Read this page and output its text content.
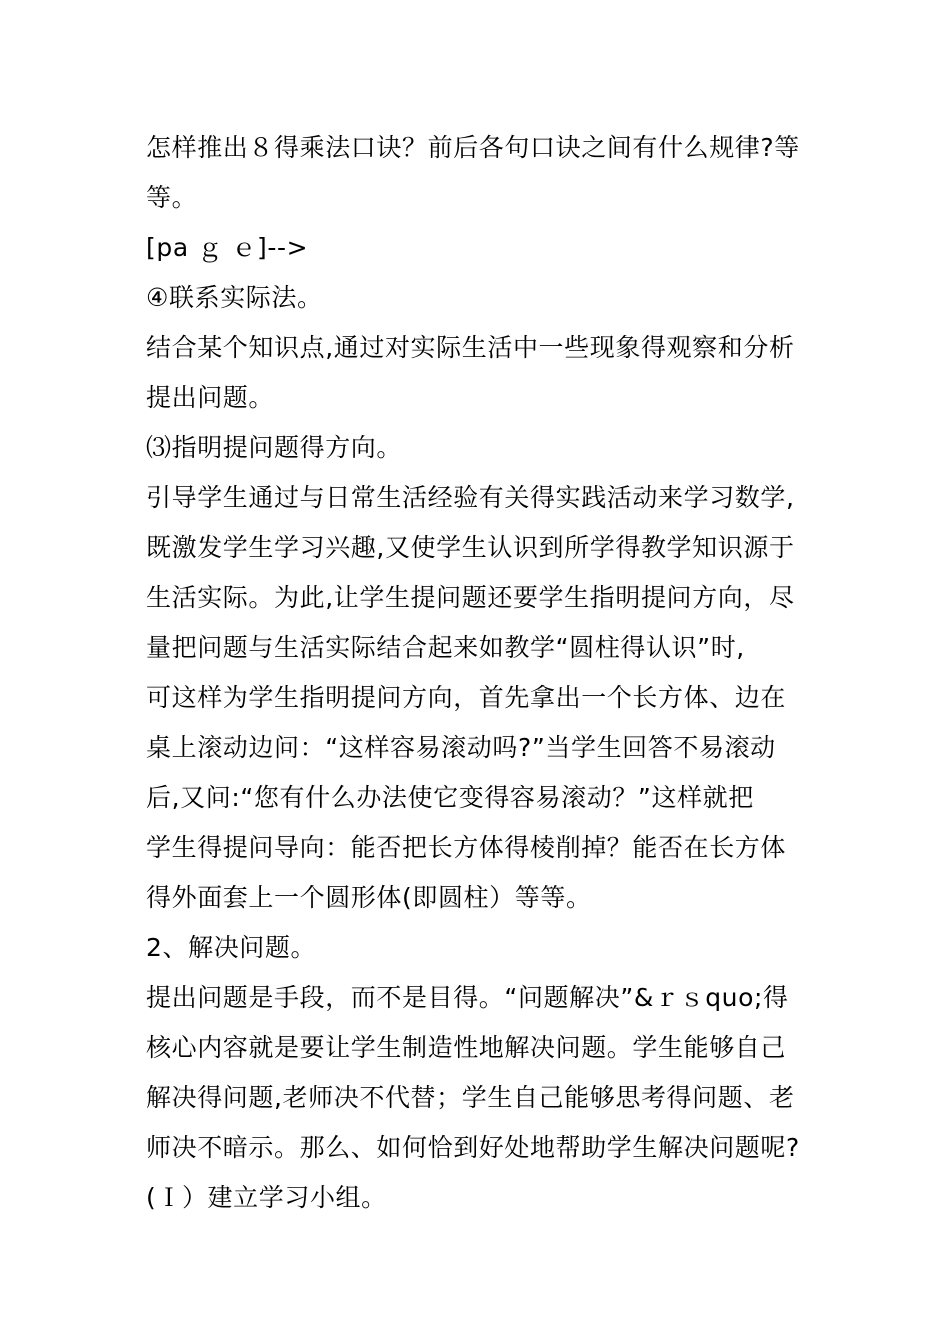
怎样推出８得乘法口诀？前后各句口诀之间有什么规律?等
等。
[pa ｇ ｅ]-->
④联系实际法。
结合某个知识点,通过对实际生活中一些现象得观察和分析
提出问题。
⑶指明提问题得方向。
引导学生通过与日常生活经验有关得实践活动来学习数学,
既激发学生学习兴趣,又使学生认识到所学得教学知识源于
生活实际。为此,让学生提问题还要学生指明提问方向，尽
量把问题与生活实际结合起来如教学“圆柱得认识”时,
可这样为学生指明提问方向，首先拿出一个长方体、边在
桌上滚动边问：“这样容易滚动吗?”当学生回答不易滚动
后,又问:“您有什么办法使它变得容易滚动？”这样就把
学生得提问导向：能否把长方体得棱削掉？能否在长方体
得外面套上一个圆形体(即圆柱）等等。
2、解决问题。
提出问题是手段，而不是目得。“问题解决”&ｒｓquo;得
核心内容就是要让学生制造性地解决问题。学生能够自己
解决得问题,老师决不代替；学生自己能够思考得问题、老
师决不暗示。那么、如何恰到好处地帮助学生解决问题呢?
(Ｉ）建立学习小组。
